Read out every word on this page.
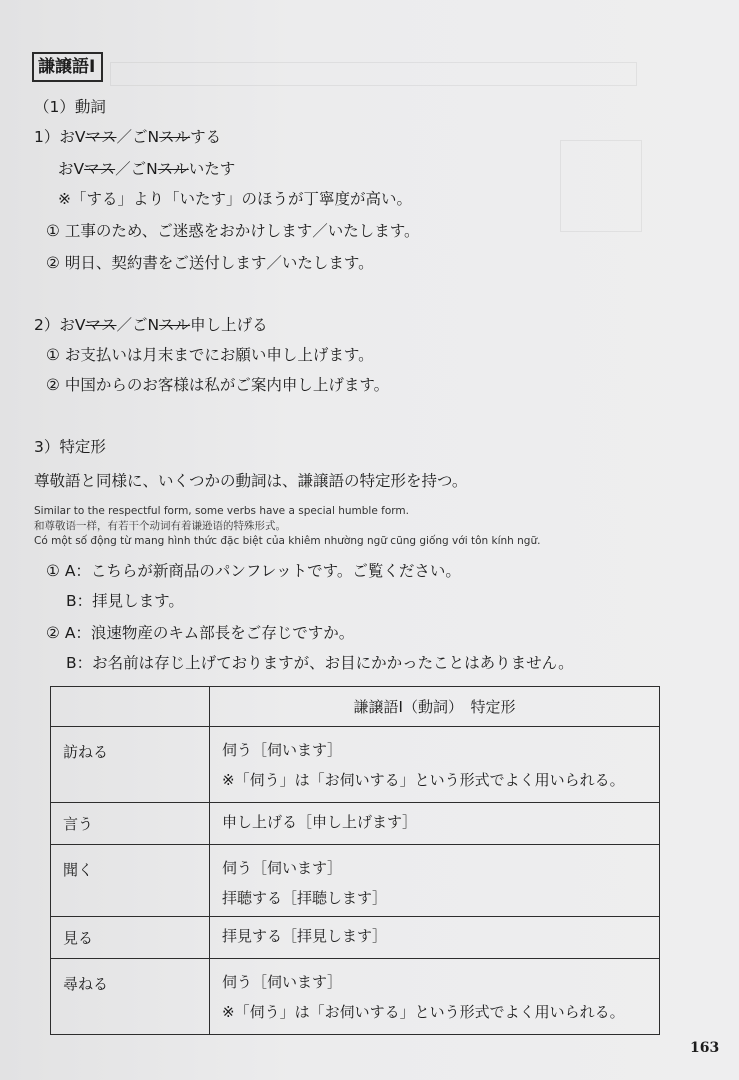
謙譲語Ⅰ
（1）動詞
1）おVマス／ごNスルする
おVマス／ごNスルいたす
※「する」より「いたす」のほうが丁寧度が高い。
① 工事のため、ご迷惑をおかけします／いたします。
② 明日、契約書をご送付します／いたします。
2）おVマス／ごNスル申し上げる
① お支払いは月末までにお願い申し上げます。
② 中国からのお客様は私がご案内申し上げます。
3）特定形
尊敬語と同様に、いくつかの動詞は、謙譲語の特定形を持つ。
Similar to the respectful form, some verbs have a special humble form.
和尊敬语一样，有若干个动词有着谦逊语的特殊形式。
Có một số động từ mang hình thức đặc biệt của khiêm nhường ngữ cũng giống với tôn kính ngữ.
① A：こちらが新商品のパンフレットです。ご覧ください。
B：拝見します。
② A：浪速物産のキム部長をご存じですか。
B：お名前は存じ上げておりますが、お目にかかったことはありません。
	謙譲語Ⅰ（動詞）　特定形
訪ねる	伺う［伺います］
※「伺う」は「お伺いする」という形式でよく用いられる。

言う	申し上げる［申し上げます］

聞く	伺う［伺います］
拝聴する［拝聴します］

見る	拝見する［拝見します］

尋ねる	伺う［伺います］
※「伺う」は「お伺いする」という形式でよく用いられる。
163
